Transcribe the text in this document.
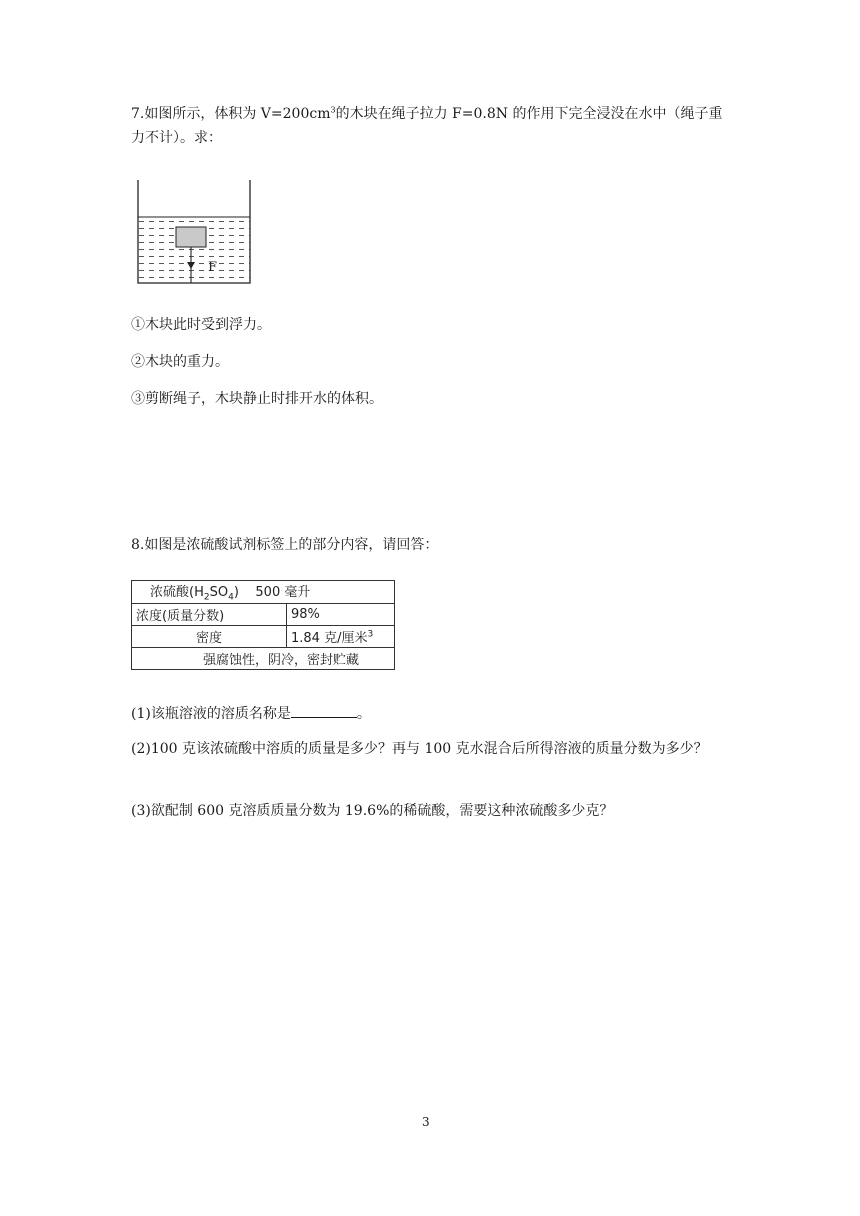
7.如图所示，体积为 $V=200cm^3$的木块在绳子拉力 F=0.8N 的作用下完全浸没在水中（绳子重力不计）。求：

F

①木块此时受到浮力。

②木块的重力。

③剪断绳子，木块静止时排开水的体积。

8.如图是浓硫酸试剂标签上的部分内容，请回答：

浓硫酸$(H_2SO_4)$    500 毫升	
浓度(质量分数)	98%
密度	1.84 克/厘米$^3$
强腐蚀性，阴冷，密封贮藏	

(1)该瓶溶液的溶质名称是	。

(2)100 克该浓硫酸中溶质的质量是多少？再与 100 克水混合后所得溶液的质量分数为多少？

(3)欲配制 600 克溶质质量分数为 19.6%的稀硫酸，需要这种浓硫酸多少克？

3
